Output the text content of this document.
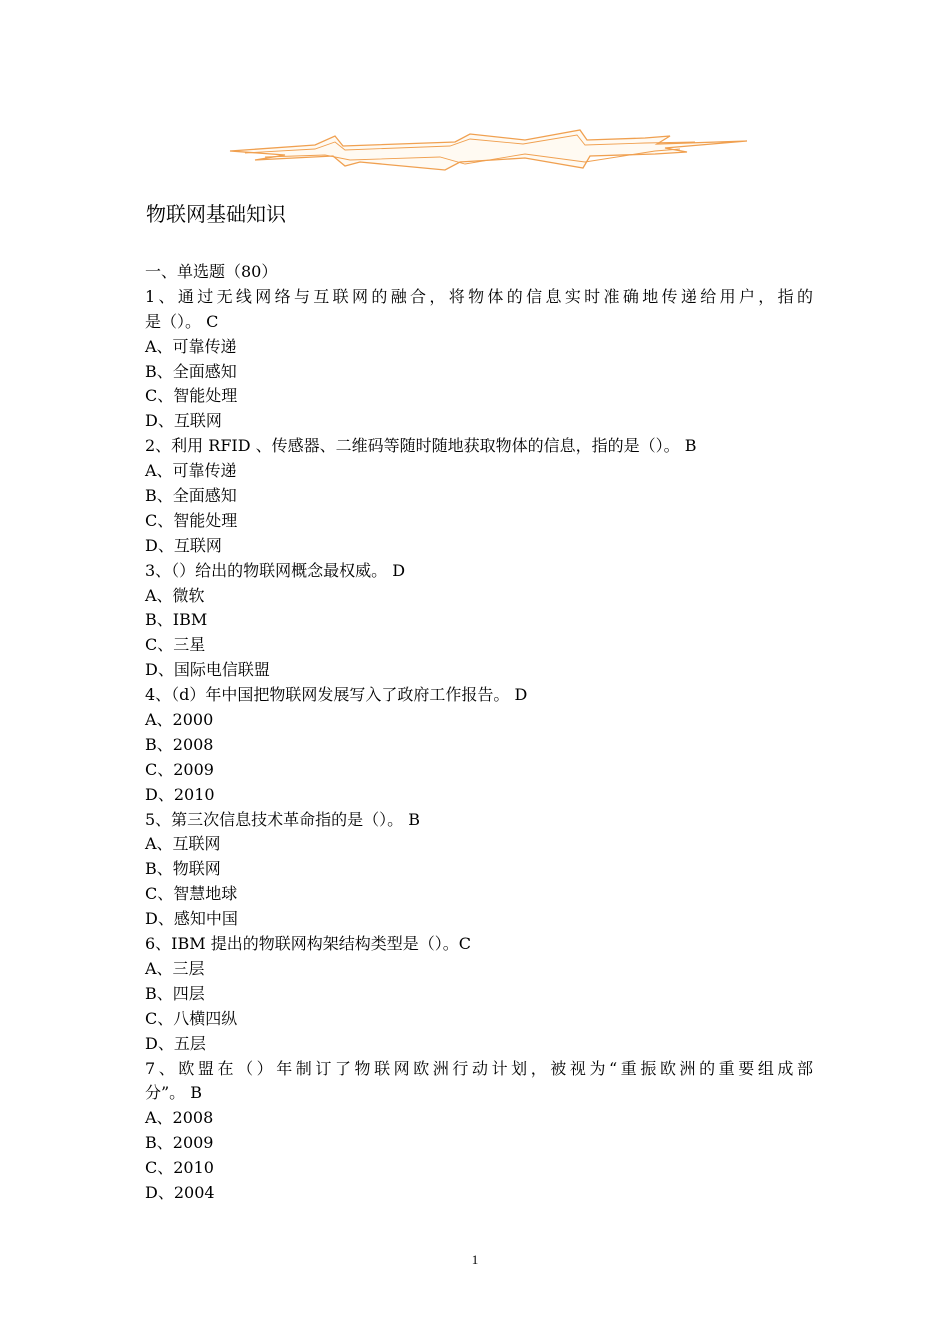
物联网基础知识
一、单选题（80）
1、通过无线网络与互联网的融合，将物体的信息实时准确地传递给用户，指的
是（）。 C
A、可靠传递
B、全面感知
C、智能处理
D、互联网
2、利用 RFID 、传感器、二维码等随时随地获取物体的信息，指的是（）。 B
A、可靠传递
B、全面感知
C、智能处理
D、互联网
3、（）给出的物联网概念最权威。 D
A、微软
B、IBM
C、三星
D、国际电信联盟
4、（d）年中国把物联网发展写入了政府工作报告。 D
A、2000
B、2008
C、2009
D、2010
5、第三次信息技术革命指的是（）。 B
A、互联网
B、物联网
C、智慧地球
D、感知中国
6、IBM 提出的物联网构架结构类型是（）。C
A、三层
B、四层
C、八横四纵
D、五层
7、欧盟在（）年制订了物联网欧洲行动计划，被视为“重振欧洲的重要组成部
分”。 B
A、2008
B、2009
C、2010
D、2004
1
